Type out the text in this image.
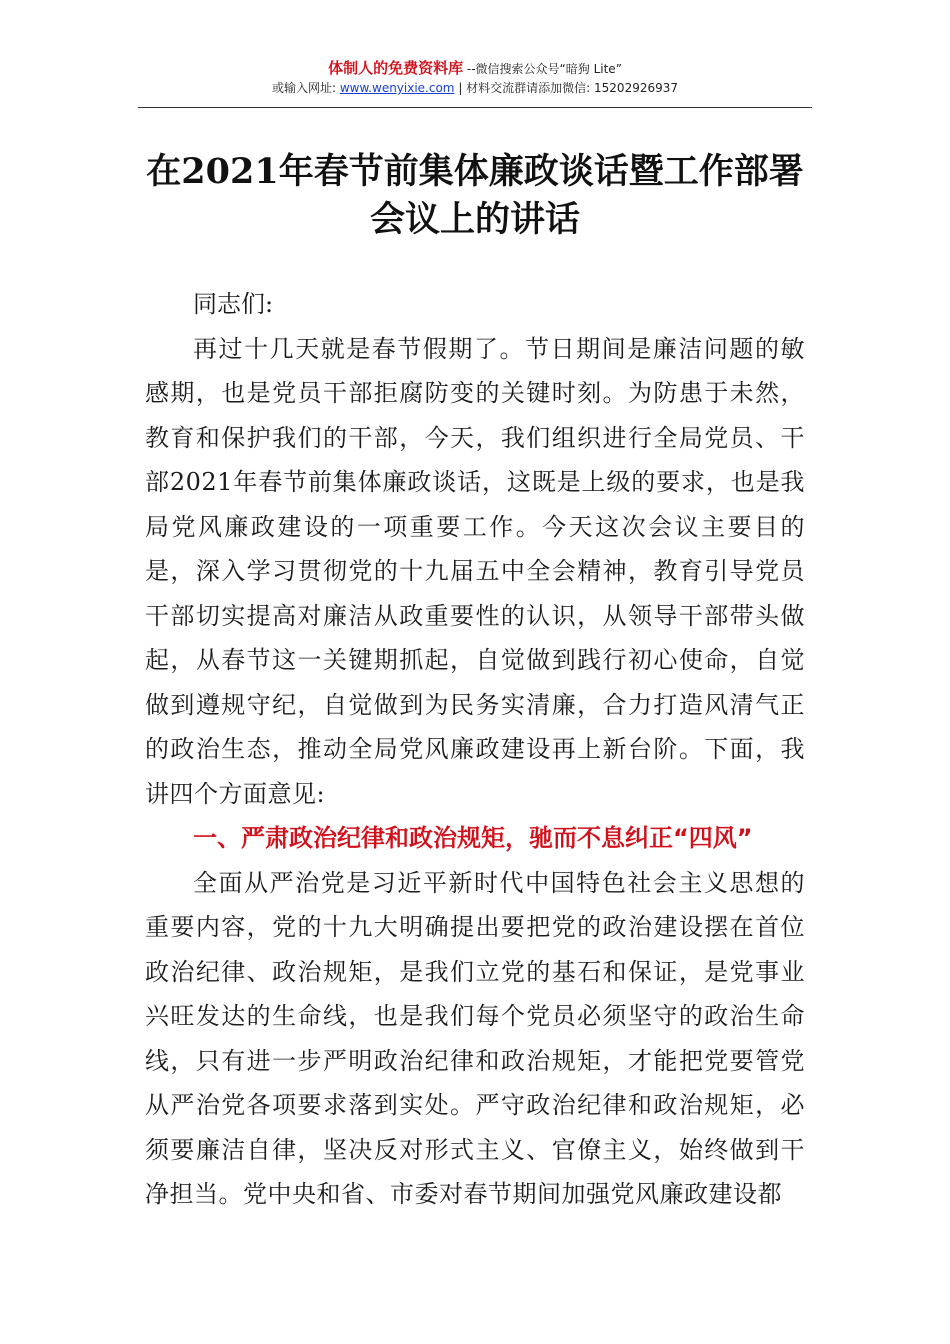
体制人的免费资料库 --微信搜索公众号“暗狗 Lite”
或输入网址: www.wenyixie.com | 材料交流群请添加微信: 15202926937
在2021年春节前集体廉政谈话暨工作部署会议上的讲话

同志们:

再过十几天就是春节假期了。节日期间是廉洁问题的敏感期，也是党员干部拒腐防变的关键时刻。为防患于未然，教育和保护我们的干部，今天，我们组织进行全局党员、干部2021年春节前集体廉政谈话，这既是上级的要求，也是我局党风廉政建设的一项重要工作。今天这次会议主要目的是，深入学习贯彻党的十九届五中全会精神，教育引导党员干部切实提高对廉洁从政重要性的认识，从领导干部带头做起，从春节这一关键期抓起，自觉做到践行初心使命，自觉做到遵规守纪，自觉做到为民务实清廉，合力打造风清气正的政治生态，推动全局党风廉政建设再上新台阶。下面，我讲四个方面意见:

一、严肃政治纪律和政治规矩，驰而不息纠正“四风”

全面从严治党是习近平新时代中国特色社会主义思想的重要内容，党的十九大明确提出要把党的政治建设摆在首位政治纪律、政治规矩，是我们立党的基石和保证，是党事业兴旺发达的生命线，也是我们每个党员必须坚守的政治生命线，只有进一步严明政治纪律和政治规矩，才能把党要管党从严治党各项要求落到实处。严守政治纪律和政治规矩，必须要廉洁自律，坚决反对形式主义、官僚主义，始终做到干净担当。党中央和省、市委对春节期间加强党风廉政建设都
